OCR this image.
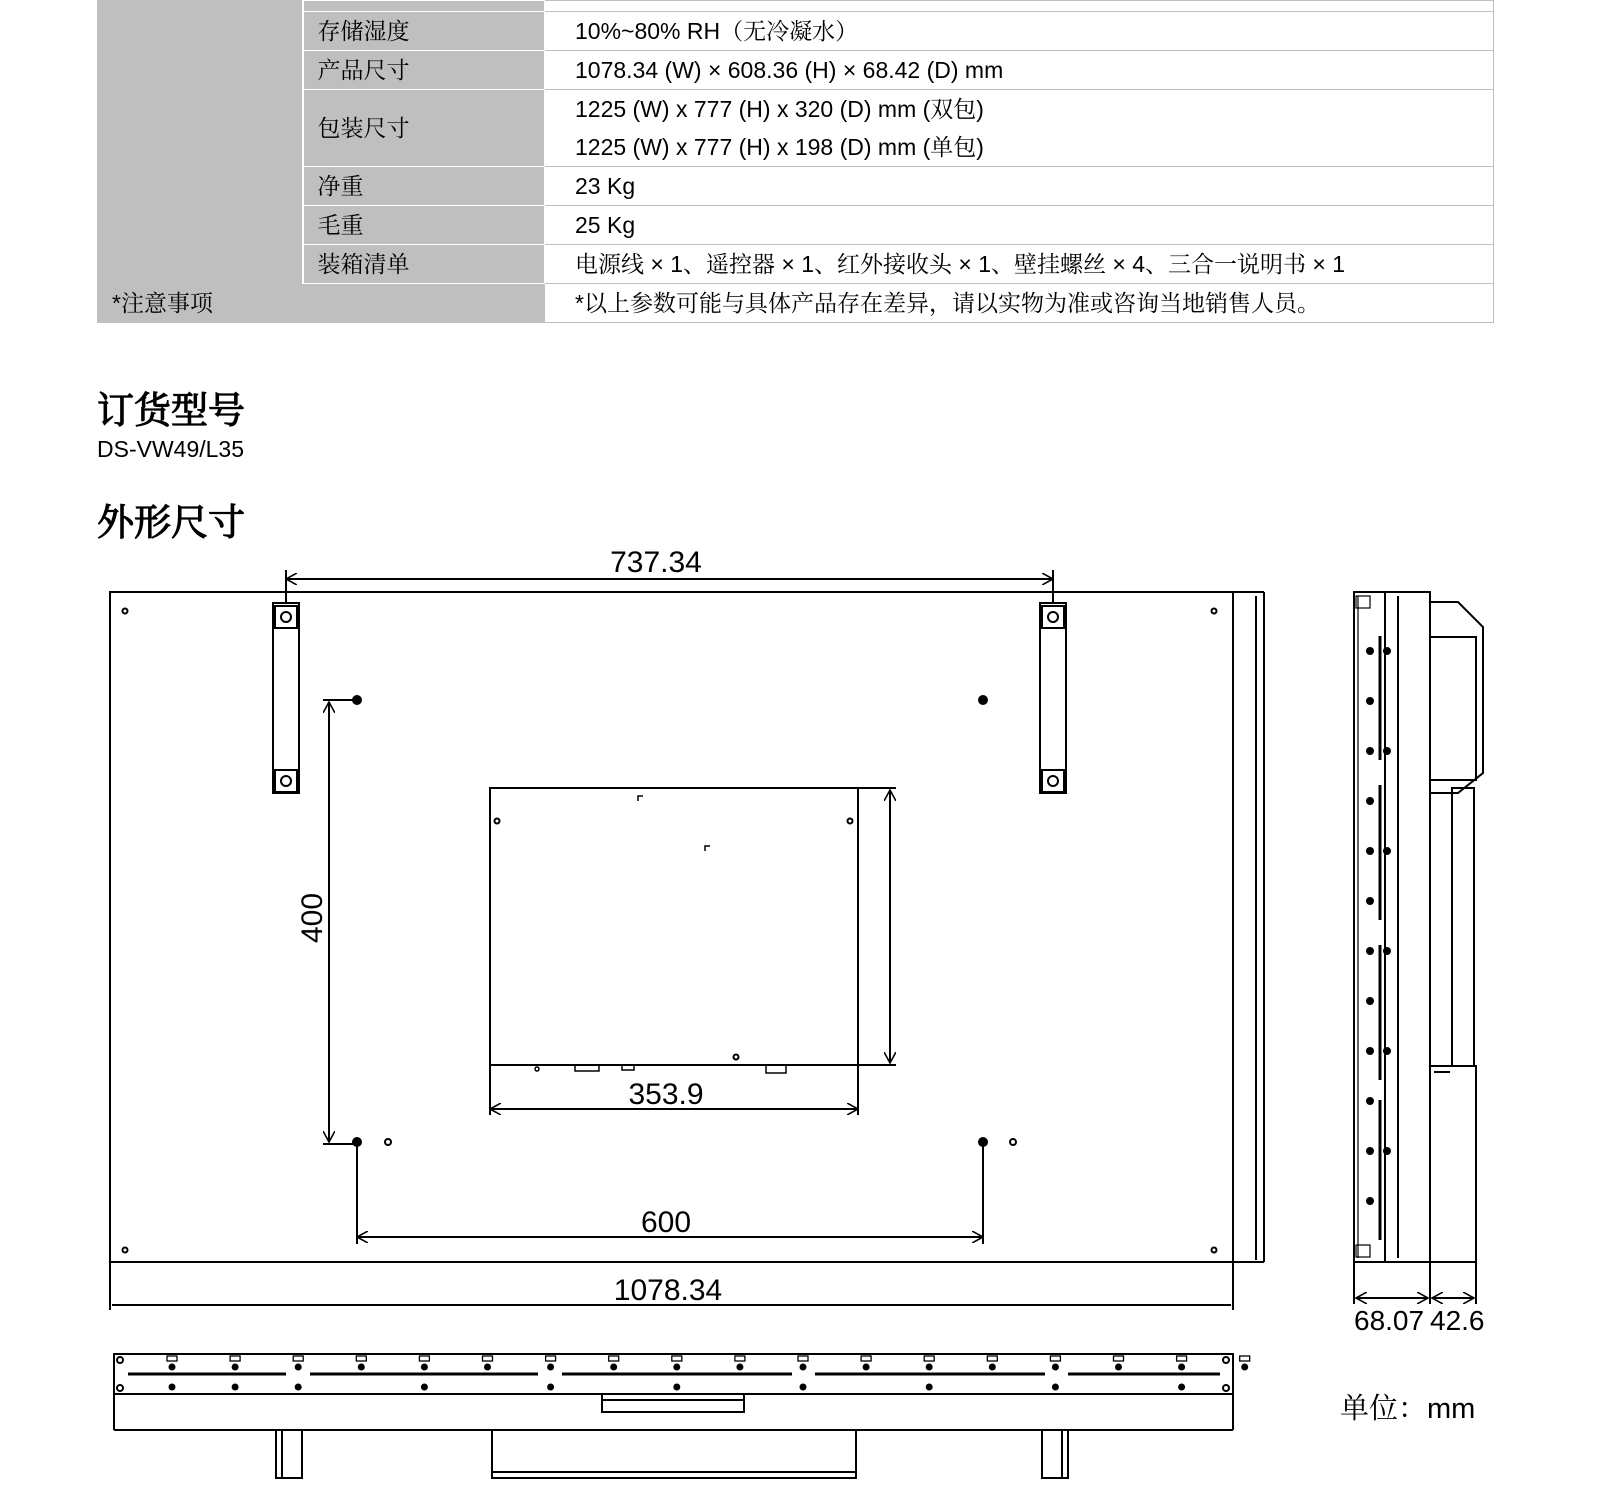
	存储湿度	10%~80% RH（无冷凝水）
	产品尺寸	1078.34 (W) × 608.36 (H) × 68.42 (D) mm
	包装尺寸	1225 (W) x 777 (H) x 320 (D) mm (双包)
1225 (W) x 777 (H) x 198 (D) mm (单包)

	净重	23 Kg
	毛重	25 Kg
	装箱清单	电源线 × 1、遥控器 × 1、红外接收头 × 1、壁挂螺丝 × 4、三合一说明书 × 1
*注意事项		*以上参数可能与具体产品存在差异，请以实物为准或咨询当地销售人员。
订货型号

DS-VW49/L35

外形尺寸
737.34
400
353.9
600
1078.34
68.07 42.6
单位：mm
